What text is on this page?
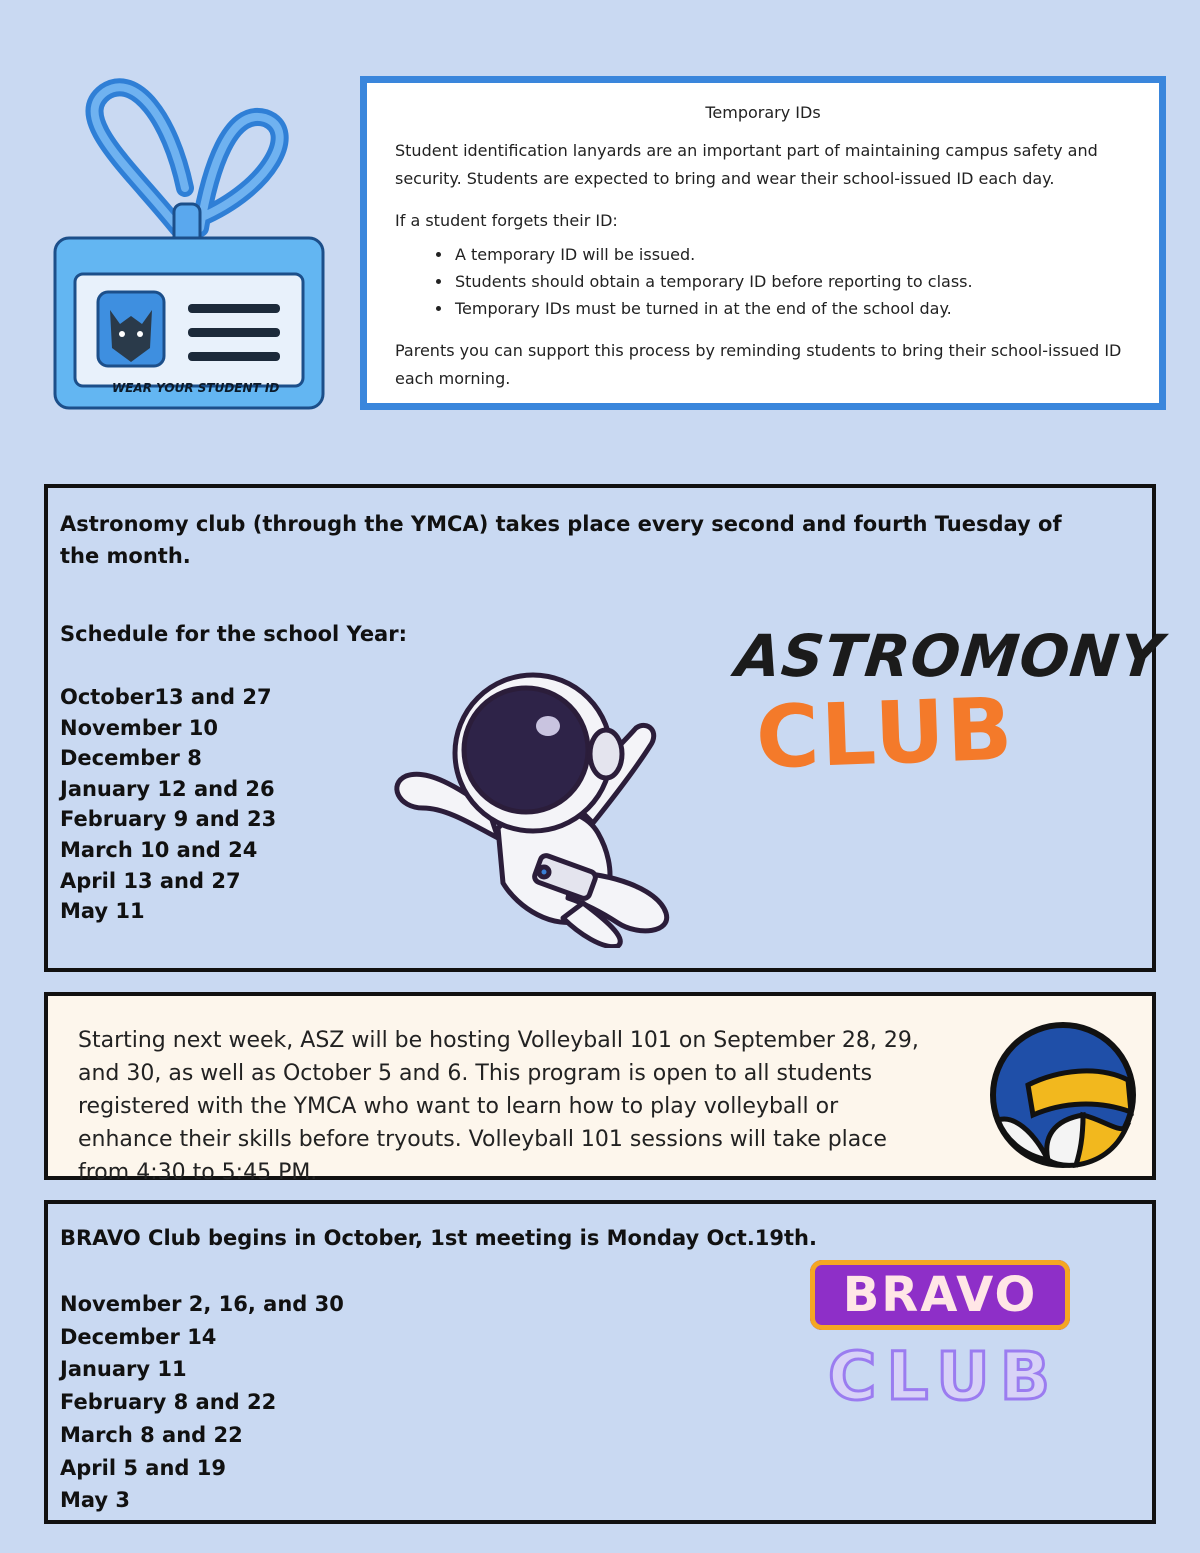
WEAR YOUR STUDENT ID
Temporary IDs

Student identification lanyards are an important part of maintaining campus safety and security. Students are expected to bring and wear their school-issued ID each day.

If a student forgets their ID:

• A temporary ID will be issued.
• Students should obtain a temporary ID before reporting to class.
• Temporary IDs must be turned in at the end of the school day.

Parents you can support this process by reminding students to bring their school-issued ID each morning.

Astronomy club (through the YMCA) takes place every second and fourth Tuesday of the month.
Schedule for the school Year:
October13 and 27
November 10
December 8
January 12 and 26
February 9 and 23
March 10 and 24
April 13 and 27
May 11
ASTROMONY
CLUB
Starting next week, ASZ will be hosting Volleyball 101 on September 28, 29, and 30, as well as October 5 and 6. This program is open to all students registered with the YMCA who want to learn how to play volleyball or enhance their skills before tryouts. Volleyball 101 sessions will take place from 4:30 to 5:45 PM.
BRAVO Club begins in October, 1st meeting is Monday Oct.19th.
November 2, 16, and 30
December 14
January 11
February 8 and 22
March 8 and 22
April 5 and 19
May 3
BRAVO
CLUB
